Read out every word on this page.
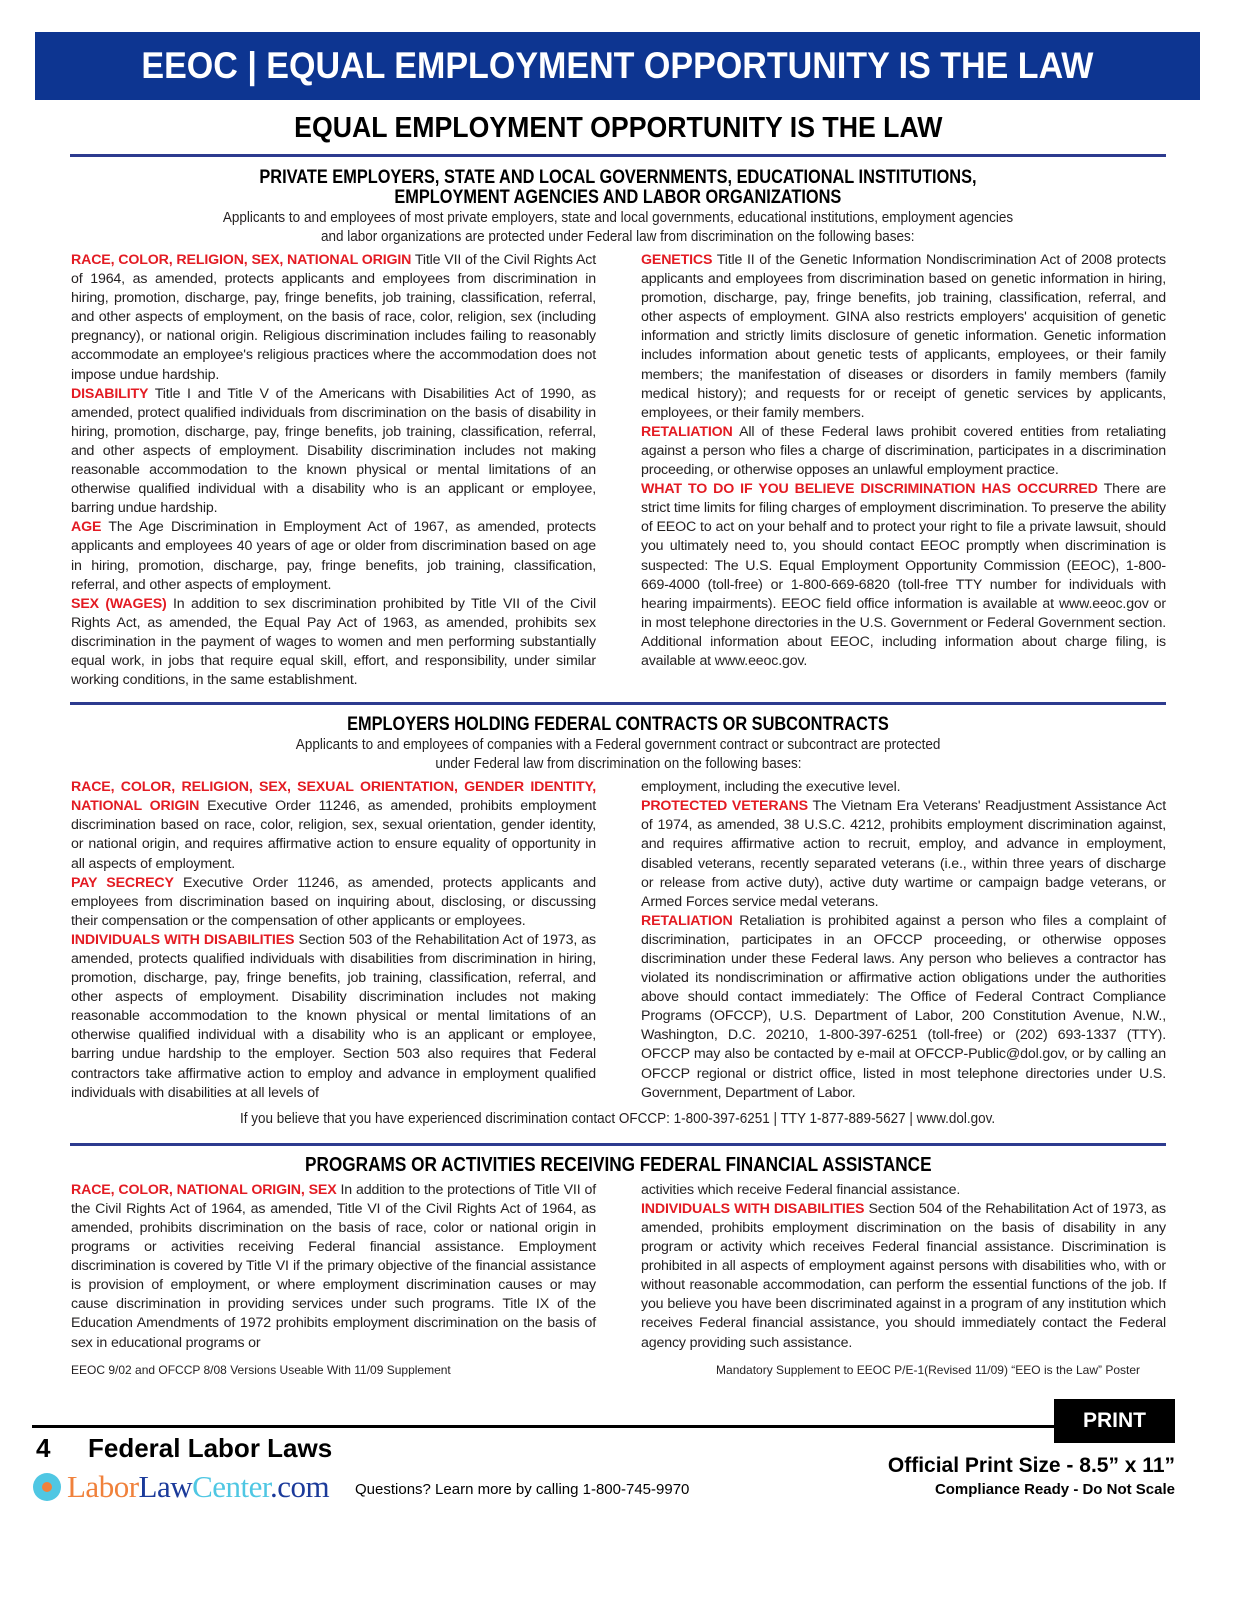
EEOC | EQUAL EMPLOYMENT OPPORTUNITY IS THE LAW
EQUAL EMPLOYMENT OPPORTUNITY IS THE LAW
PRIVATE EMPLOYERS, STATE AND LOCAL GOVERNMENTS, EDUCATIONAL INSTITUTIONS,
EMPLOYMENT AGENCIES AND LABOR ORGANIZATIONS
Applicants to and employees of most private employers, state and local governments, educational institutions, employment agencies
and labor organizations are protected under Federal law from discrimination on the following bases:

RACE, COLOR, RELIGION, SEX, NATIONAL ORIGIN Title VII of the Civil Rights Act of 1964, as amended, protects applicants and employees from discrimination in hiring, promotion, discharge, pay, fringe benefits, job training, classification, referral, and other aspects of employment, on the basis of race, color, religion, sex (including pregnancy), or national origin. Religious discrimination includes failing to reasonably accommodate an employee's religious practices where the accommodation does not impose undue hardship.

DISABILITY Title I and Title V of the Americans with Disabilities Act of 1990, as amended, protect qualified individuals from discrimination on the basis of disability in hiring, promotion, discharge, pay, fringe benefits, job training, classification, referral, and other aspects of employment. Disability discrimination includes not making reasonable accommodation to the known physical or mental limitations of an otherwise qualified individual with a disability who is an applicant or employee, barring undue hardship.

AGE The Age Discrimination in Employment Act of 1967, as amended, protects applicants and employees 40 years of age or older from discrimination based on age in hiring, promotion, discharge, pay, fringe benefits, job training, classification, referral, and other aspects of employment.

SEX (WAGES) In addition to sex discrimination prohibited by Title VII of the Civil Rights Act, as amended, the Equal Pay Act of 1963, as amended, prohibits sex discrimination in the payment of wages to women and men performing substantially equal work, in jobs that require equal skill, effort, and responsibility, under similar working conditions, in the same establishment.

GENETICS Title II of the Genetic Information Nondiscrimination Act of 2008 protects applicants and employees from discrimination based on genetic information in hiring, promotion, discharge, pay, fringe benefits, job training, classification, referral, and other aspects of employment. GINA also restricts employers' acquisition of genetic information and strictly limits disclosure of genetic information. Genetic information includes information about genetic tests of applicants, employees, or their family members; the manifestation of diseases or disorders in family members (family medical history); and requests for or receipt of genetic services by applicants, employees, or their family members.

RETALIATION All of these Federal laws prohibit covered entities from retaliating against a person who files a charge of discrimination, participates in a discrimination proceeding, or otherwise opposes an unlawful employment practice.

WHAT TO DO IF YOU BELIEVE DISCRIMINATION HAS OCCURRED There are strict time limits for filing charges of employment discrimination. To preserve the ability of EEOC to act on your behalf and to protect your right to file a private lawsuit, should you ultimately need to, you should contact EEOC promptly when discrimination is suspected: The U.S. Equal Employment Opportunity Commission (EEOC), 1-800-669-4000 (toll-free) or 1-800-669-6820 (toll-free TTY number for individuals with hearing impairments). EEOC field office information is available at www.eeoc.gov or in most telephone directories in the U.S. Government or Federal Government section. Additional information about EEOC, including information about charge filing, is available at www.eeoc.gov.

EMPLOYERS HOLDING FEDERAL CONTRACTS OR SUBCONTRACTS
Applicants to and employees of companies with a Federal government contract or subcontract are protected
under Federal law from discrimination on the following bases:

RACE, COLOR, RELIGION, SEX, SEXUAL ORIENTATION, GENDER IDENTITY, NATIONAL ORIGIN Executive Order 11246, as amended, prohibits employment discrimination based on race, color, religion, sex, sexual orientation, gender identity, or national origin, and requires affirmative action to ensure equality of opportunity in all aspects of employment.

PAY SECRECY Executive Order 11246, as amended, protects applicants and employees from discrimination based on inquiring about, disclosing, or discussing their compensation or the compensation of other applicants or employees.

INDIVIDUALS WITH DISABILITIES Section 503 of the Rehabilitation Act of 1973, as amended, protects qualified individuals with disabilities from discrimination in hiring, promotion, discharge, pay, fringe benefits, job training, classification, referral, and other aspects of employment. Disability discrimination includes not making reasonable accommodation to the known physical or mental limitations of an otherwise qualified individual with a disability who is an applicant or employee, barring undue hardship to the employer. Section 503 also requires that Federal contractors take affirmative action to employ and advance in employment qualified individuals with disabilities at all levels of

employment, including the executive level.

PROTECTED VETERANS The Vietnam Era Veterans' Readjustment Assistance Act of 1974, as amended, 38 U.S.C. 4212, prohibits employment discrimination against, and requires affirmative action to recruit, employ, and advance in employment, disabled veterans, recently separated veterans (i.e., within three years of discharge or release from active duty), active duty wartime or campaign badge veterans, or Armed Forces service medal veterans.

RETALIATION Retaliation is prohibited against a person who files a complaint of discrimination, participates in an OFCCP proceeding, or otherwise opposes discrimination under these Federal laws. Any person who believes a contractor has violated its nondiscrimination or affirmative action obligations under the authorities above should contact immediately: The Office of Federal Contract Compliance Programs (OFCCP), U.S. Department of Labor, 200 Constitution Avenue, N.W., Washington, D.C. 20210, 1-800-397-6251 (toll-free) or (202) 693-1337 (TTY). OFCCP may also be contacted by e-mail at OFCCP-Public@dol.gov, or by calling an OFCCP regional or district office, listed in most telephone directories under U.S. Government, Department of Labor.

If you believe that you have experienced discrimination contact OFCCP: 1-800-397-6251 | TTY 1-877-889-5627 | www.dol.gov.
PROGRAMS OR ACTIVITIES RECEIVING FEDERAL FINANCIAL ASSISTANCE

RACE, COLOR, NATIONAL ORIGIN, SEX In addition to the protections of Title VII of the Civil Rights Act of 1964, as amended, Title VI of the Civil Rights Act of 1964, as amended, prohibits discrimination on the basis of race, color or national origin in programs or activities receiving Federal financial assistance. Employment discrimination is covered by Title VI if the primary objective of the financial assistance is provision of employment, or where employment discrimination causes or may cause discrimination in providing services under such programs. Title IX of the Education Amendments of 1972 prohibits employment discrimination on the basis of sex in educational programs or

activities which receive Federal financial assistance.

INDIVIDUALS WITH DISABILITIES Section 504 of the Rehabilitation Act of 1973, as amended, prohibits employment discrimination on the basis of disability in any program or activity which receives Federal financial assistance. Discrimination is prohibited in all aspects of employment against persons with disabilities who, with or without reasonable accommodation, can perform the essential functions of the job. If you believe you have been discriminated against in a program of any institution which receives Federal financial assistance, you should immediately contact the Federal agency providing such assistance.

EEOC 9/02 and OFCCP 8/08 Versions Useable With 11/09 Supplement	Mandatory Supplement to EEOC P/E-1(Revised 11/09) “EEO is the Law” Poster
PRINT
4 Federal Labor Laws
LaborLawCenter.com Questions? Learn more by calling 1-800-745-9970
Official Print Size - 8.5” x 11”
Compliance Ready - Do Not Scale
